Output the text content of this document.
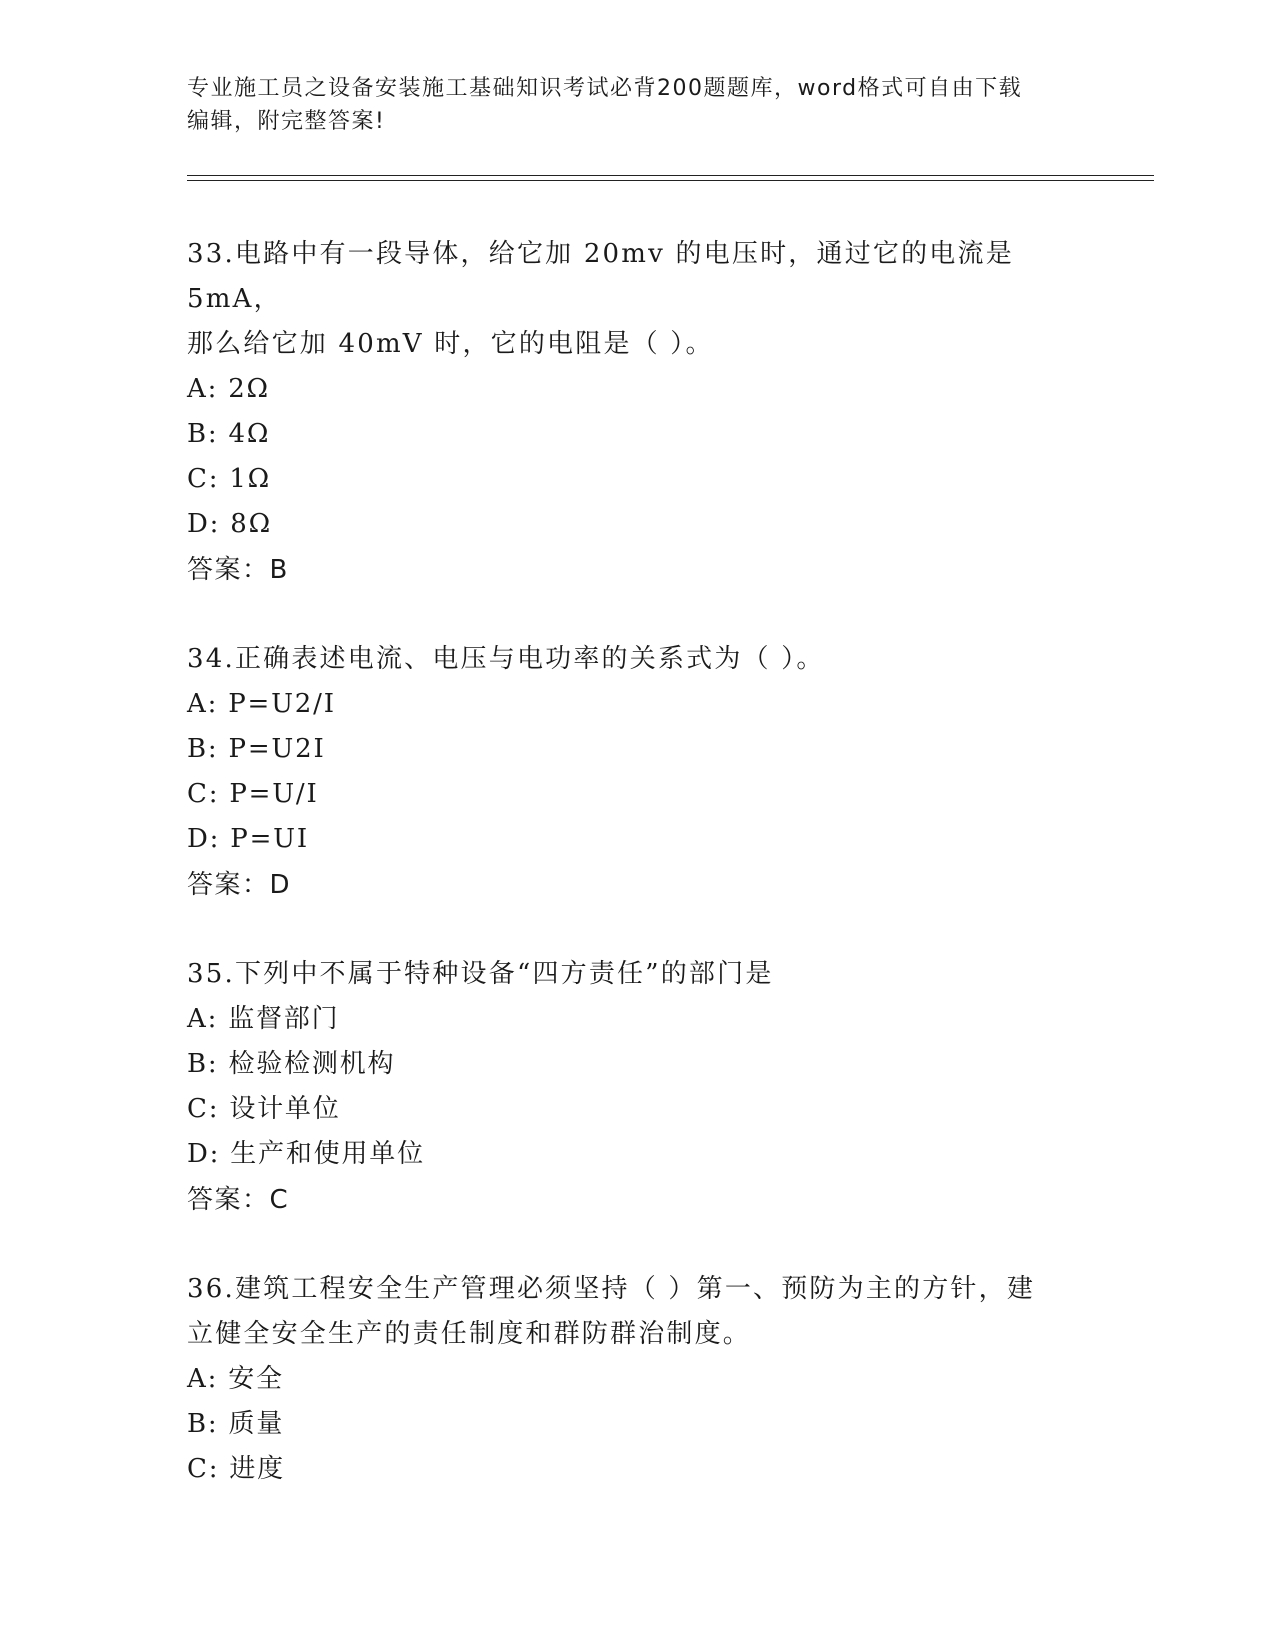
专业施工员之设备安装施工基础知识考试必背200题题库，word格式可自由下载
编辑，附完整答案!
33.电路中有一段导体，给它加 20mv 的电压时，通过它的电流是 5mA，
那么给它加 40mV 时，它的电阻是（ ）。
A: 2Ω
B: 4Ω
C: 1Ω
D: 8Ω
答案：B
34.正确表述电流、电压与电功率的关系式为（ ）。
A: P=U2/I
B: P=U2I
C: P=U/I
D: P=UI
答案：D
35.下列中不属于特种设备“四方责任”的部门是
A: 监督部门
B: 检验检测机构
C: 设计单位
D: 生产和使用单位
答案：C
36.建筑工程安全生产管理必须坚持（ ）第一、预防为主的方针，建
立健全安全生产的责任制度和群防群治制度。
A: 安全
B: 质量
C: 进度
